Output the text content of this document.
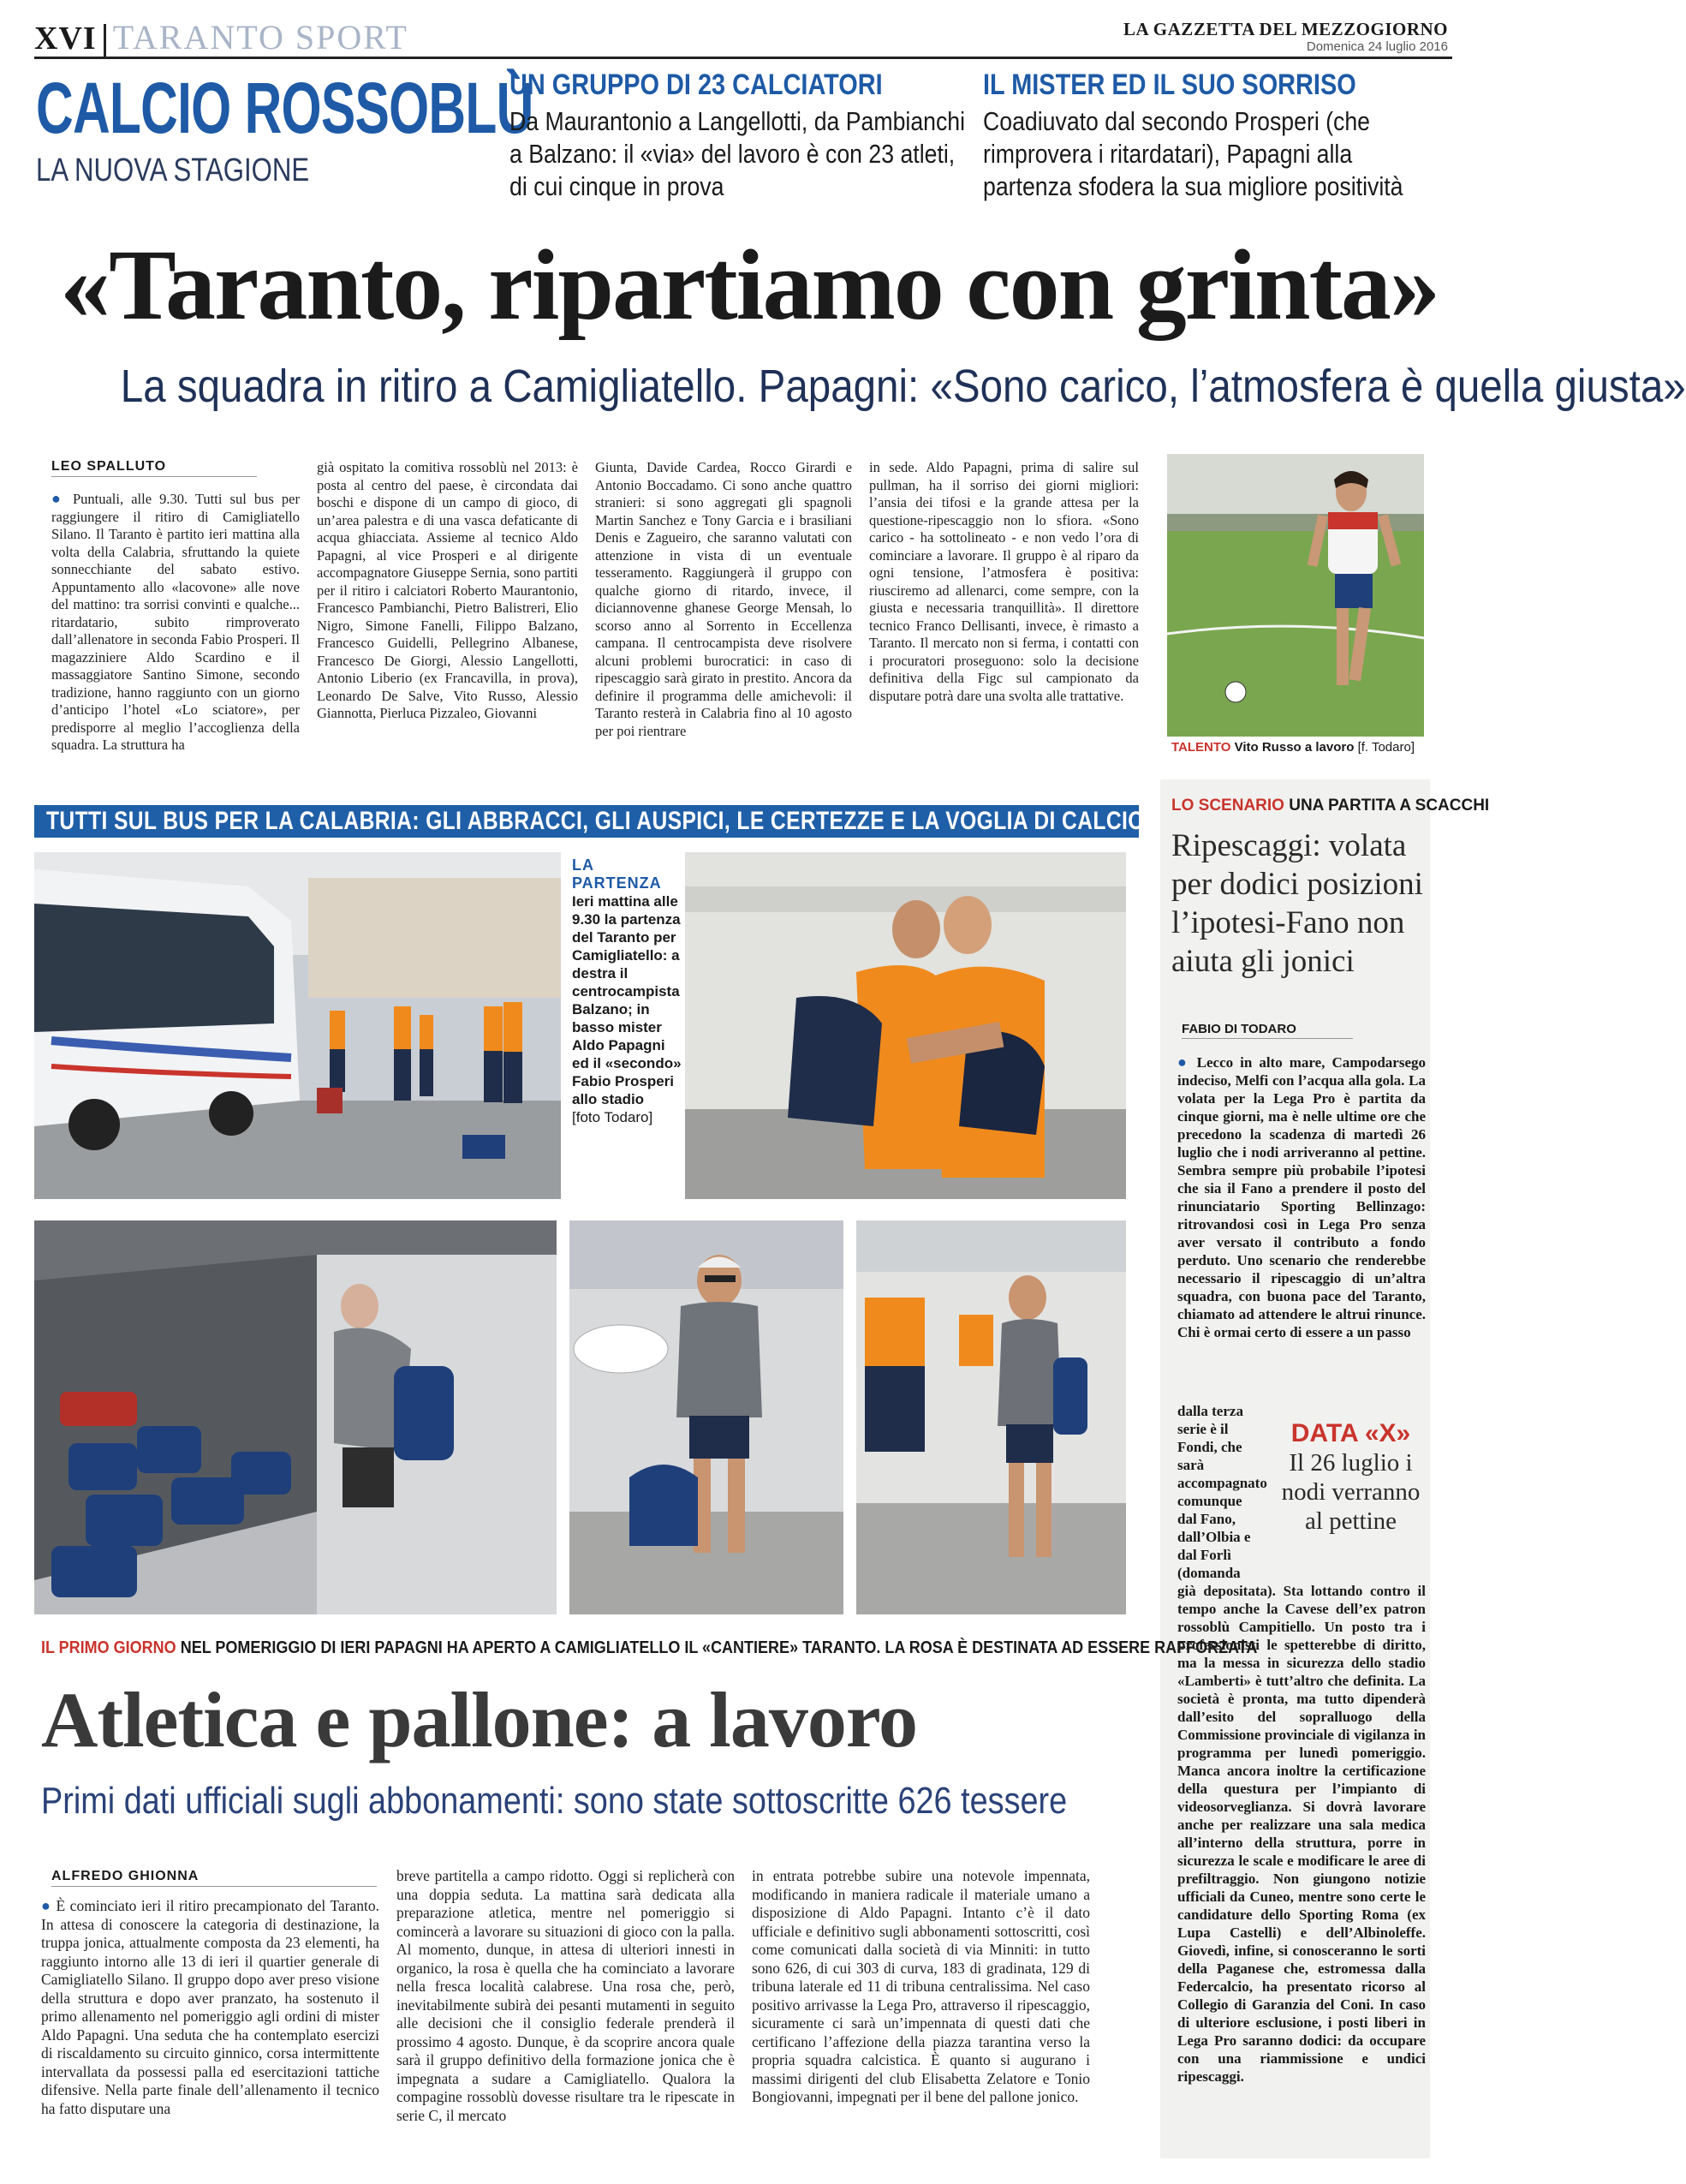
XVI TARANTO SPORT	LA GAZZETTA DEL MEZZOGIORNO
Domenica 24 luglio 2016
CALCIO ROSSOBLÙ
LA NUOVA STAGIONE
UN GRUPPO DI 23 CALCIATORI
Da Maurantonio a Langellotti, da Pambianchi a Balzano: il «via» del lavoro è con 23 atleti, di cui cinque in prova
IL MISTER ED IL SUO SORRISO
Coadiuvato dal secondo Prosperi (che rimprovera i ritardatari), Papagni alla partenza sfodera la sua migliore positività
«Taranto, ripartiamo con grinta»
La squadra in ritiro a Camigliatello. Papagni: «Sono carico, l’atmosfera è quella giusta»
LEO SPALLUTO
● Puntuali, alle 9.30. Tutti sul bus per raggiungere il ritiro di Camigliatello Silano. Il Taranto è partito ieri mattina alla volta della Calabria, sfruttando la quiete sonnecchiante del sabato estivo. Appuntamento allo «lacovone» alle nove del mattino: tra sorrisi convinti e qualche... ritardatario, subito rimproverato dall’allenatore in seconda Fabio Prosperi. Il magazziniere Aldo Scardino e il massaggiatore Santino Simone, secondo tradizione, hanno raggiunto con un giorno d’anticipo l’hotel «Lo sciatore», per predisporre al meglio l’accoglienza della squadra. La struttura ha
già ospitato la comitiva rossoblù nel 2013: è posta al centro del paese, è circondata dai boschi e dispone di un campo di gioco, di un’area palestra e di una vasca defaticante di acqua ghiacciata. Assieme al tecnico Aldo Papagni, al vice Prosperi e al dirigente accompagnatore Giuseppe Sernia, sono partiti per il ritiro i calciatori Roberto Maurantonio, Francesco Pambianchi, Pietro Balistreri, Elio Nigro, Simone Fanelli, Filippo Balzano, Francesco Guidelli, Pellegrino Albanese, Francesco De Giorgi, Alessio Langellotti, Antonio Liberio (ex Francavilla, in prova), Leonardo De Salve, Vito Russo, Alessio Giannotta, Pierluca Pizzaleo, Giovanni
Giunta, Davide Cardea, Rocco Girardi e Antonio Boccadamo. Ci sono anche quattro stranieri: si sono aggregati gli spagnoli Martin Sanchez e Tony Garcia e i brasiliani Denis e Zagueiro, che saranno valutati con attenzione in vista di un eventuale tesseramento. Raggiungerà il gruppo con qualche giorno di ritardo, invece, il diciannovenne ghanese George Mensah, lo scorso anno al Sorrento in Eccellenza campana. Il centrocampista deve risolvere alcuni problemi burocratici: in caso di ripescaggio sarà girato in prestito. Ancora da definire il programma delle amichevoli: il Taranto resterà in Calabria fino al 10 agosto per poi rientrare
in sede. Aldo Papagni, prima di salire sul pullman, ha il sorriso dei giorni migliori: l’ansia dei tifosi e la grande attesa per la questione-ripescaggio non lo sfiora. «Sono carico - ha sottolineato - e non vedo l’ora di cominciare a lavorare. Il gruppo è al riparo da ogni tensione, l’atmosfera è positiva: riusciremo ad allenarci, come sempre, con la giusta e necessaria tranquillità». Il direttore tecnico Franco Dellisanti, invece, è rimasto a Taranto. Il mercato non si ferma, i contatti con i procuratori proseguono: solo la decisione definitiva della Figc sul campionato da disputare potrà dare una svolta alle trattative.
TALENTO Vito Russo a lavoro [f. Todaro]
TUTTI SUL BUS PER LA CALABRIA: GLI ABBRACCI, GLI AUSPICI, LE CERTEZZE E LA VOGLIA DI CALCIO
LA
PARTENZA
Ieri mattina alle 9.30 la partenza del Taranto per Camigliatello: a destra il centrocampista Balzano; in basso mister Aldo Papagni ed il «secondo» Fabio Prosperi allo stadio
[foto Todaro]
LO SCENARIO UNA PARTITA A SCACCHI
Ripescaggi: volata per dodici posizioni l’ipotesi-Fano non aiuta gli jonici
FABIO DI TODARO
● Lecco in alto mare, Campodarsego indeciso, Melfi con l’acqua alla gola. La volata per la Lega Pro è partita da cinque giorni, ma è nelle ultime ore che precedono la scadenza di martedì 26 luglio che i nodi arriveranno al pettine. Sembra sempre più probabile l’ipotesi che sia il Fano a prendere il posto del rinunciatario Sporting Bellinzago: ritrovandosi così in Lega Pro senza aver versato il contributo a fondo perduto. Uno scenario che renderebbe necessario il ripescaggio di un’altra squadra, con buona pace del Taranto, chiamato ad attendere le altrui rinunce. Chi è ormai certo di essere a un passo
dalla terza serie è il Fondi, che sarà accompagnato comunque dal Fano, dall’Olbia e dal Forlì (domanda
DATA «X»
Il 26 luglio i nodi verranno al pettine
già depositata). Sta lottando contro il tempo anche la Cavese dell’ex patron rossoblù Campitiello. Un posto tra i professionisti le spetterebbe di diritto, ma la messa in sicurezza dello stadio «Lamberti» è tutt’altro che definita. La società è pronta, ma tutto dipenderà dall’esito del sopralluogo della Commissione provinciale di vigilanza in programma per lunedì pomeriggio. Manca ancora inoltre la certificazione della questura per l’impianto di videosorveglianza. Si dovrà lavorare anche per realizzare una sala medica all’interno della struttura, porre in sicurezza le scale e modificare le aree di prefiltraggio. Non giungono notizie ufficiali da Cuneo, mentre sono certe le candidature dello Sporting Roma (ex Lupa Castelli) e dell’Albinoleffe. Giovedì, infine, si conosceranno le sorti della Paganese che, estromessa dalla Federcalcio, ha presentato ricorso al Collegio di Garanzia del Coni. In caso di ulteriore esclusione, i posti liberi in Lega Pro saranno dodici: da occupare con una riammissione e undici ripescaggi.
IL PRIMO GIORNO NEL POMERIGGIO DI IERI PAPAGNI HA APERTO A CAMIGLIATELLO IL «CANTIERE» TARANTO. LA ROSA È DESTINATA AD ESSERE RAFFORZATA
Atletica e pallone: a lavoro
Primi dati ufficiali sugli abbonamenti: sono state sottoscritte 626 tessere
ALFREDO GHIONNA
● È cominciato ieri il ritiro precampionato del Taranto. In attesa di conoscere la categoria di destinazione, la truppa jonica, attualmente composta da 23 elementi, ha raggiunto intorno alle 13 di ieri il quartier generale di Camigliatello Silano. Il gruppo dopo aver preso visione della struttura e dopo aver pranzato, ha sostenuto il primo allenamento nel pomeriggio agli ordini di mister Aldo Papagni. Una seduta che ha contemplato esercizi di riscaldamento su circuito ginnico, corsa intermittente intervallata da possessi palla ed esercitazioni tattiche difensive. Nella parte finale dell’allenamento il tecnico ha fatto disputare una
breve partitella a campo ridotto. Oggi si replicherà con una doppia seduta. La mattina sarà dedicata alla preparazione atletica, mentre nel pomeriggio si comincerà a lavorare su situazioni di gioco con la palla. Al momento, dunque, in attesa di ulteriori innesti in organico, la rosa è quella che ha cominciato a lavorare nella fresca località calabrese. Una rosa che, però, inevitabilmente subirà dei pesanti mutamenti in seguito alle decisioni che il consiglio federale prenderà il prossimo 4 agosto. Dunque, è da scoprire ancora quale sarà il gruppo definitivo della formazione jonica che è impegnata a sudare a Camigliatello. Qualora la compagine rossoblù dovesse risultare tra le ripescate in serie C, il mercato
in entrata potrebbe subire una notevole impennata, modificando in maniera radicale il materiale umano a disposizione di Aldo Papagni. Intanto c’è il dato ufficiale e definitivo sugli abbonamenti sottoscritti, così come comunicati dalla società di via Minniti: in tutto sono 626, di cui 303 di curva, 183 di gradinata, 129 di tribuna laterale ed 11 di tribuna centralissima. Nel caso positivo arrivasse la Lega Pro, attraverso il ripescaggio, sicuramente ci sarà un’impennata di questi dati che certificano l’affezione della piazza tarantina verso la propria squadra calcistica. È quanto si augurano i massimi dirigenti del club Elisabetta Zelatore e Tonio Bongiovanni, impegnati per il bene del pallone jonico.
